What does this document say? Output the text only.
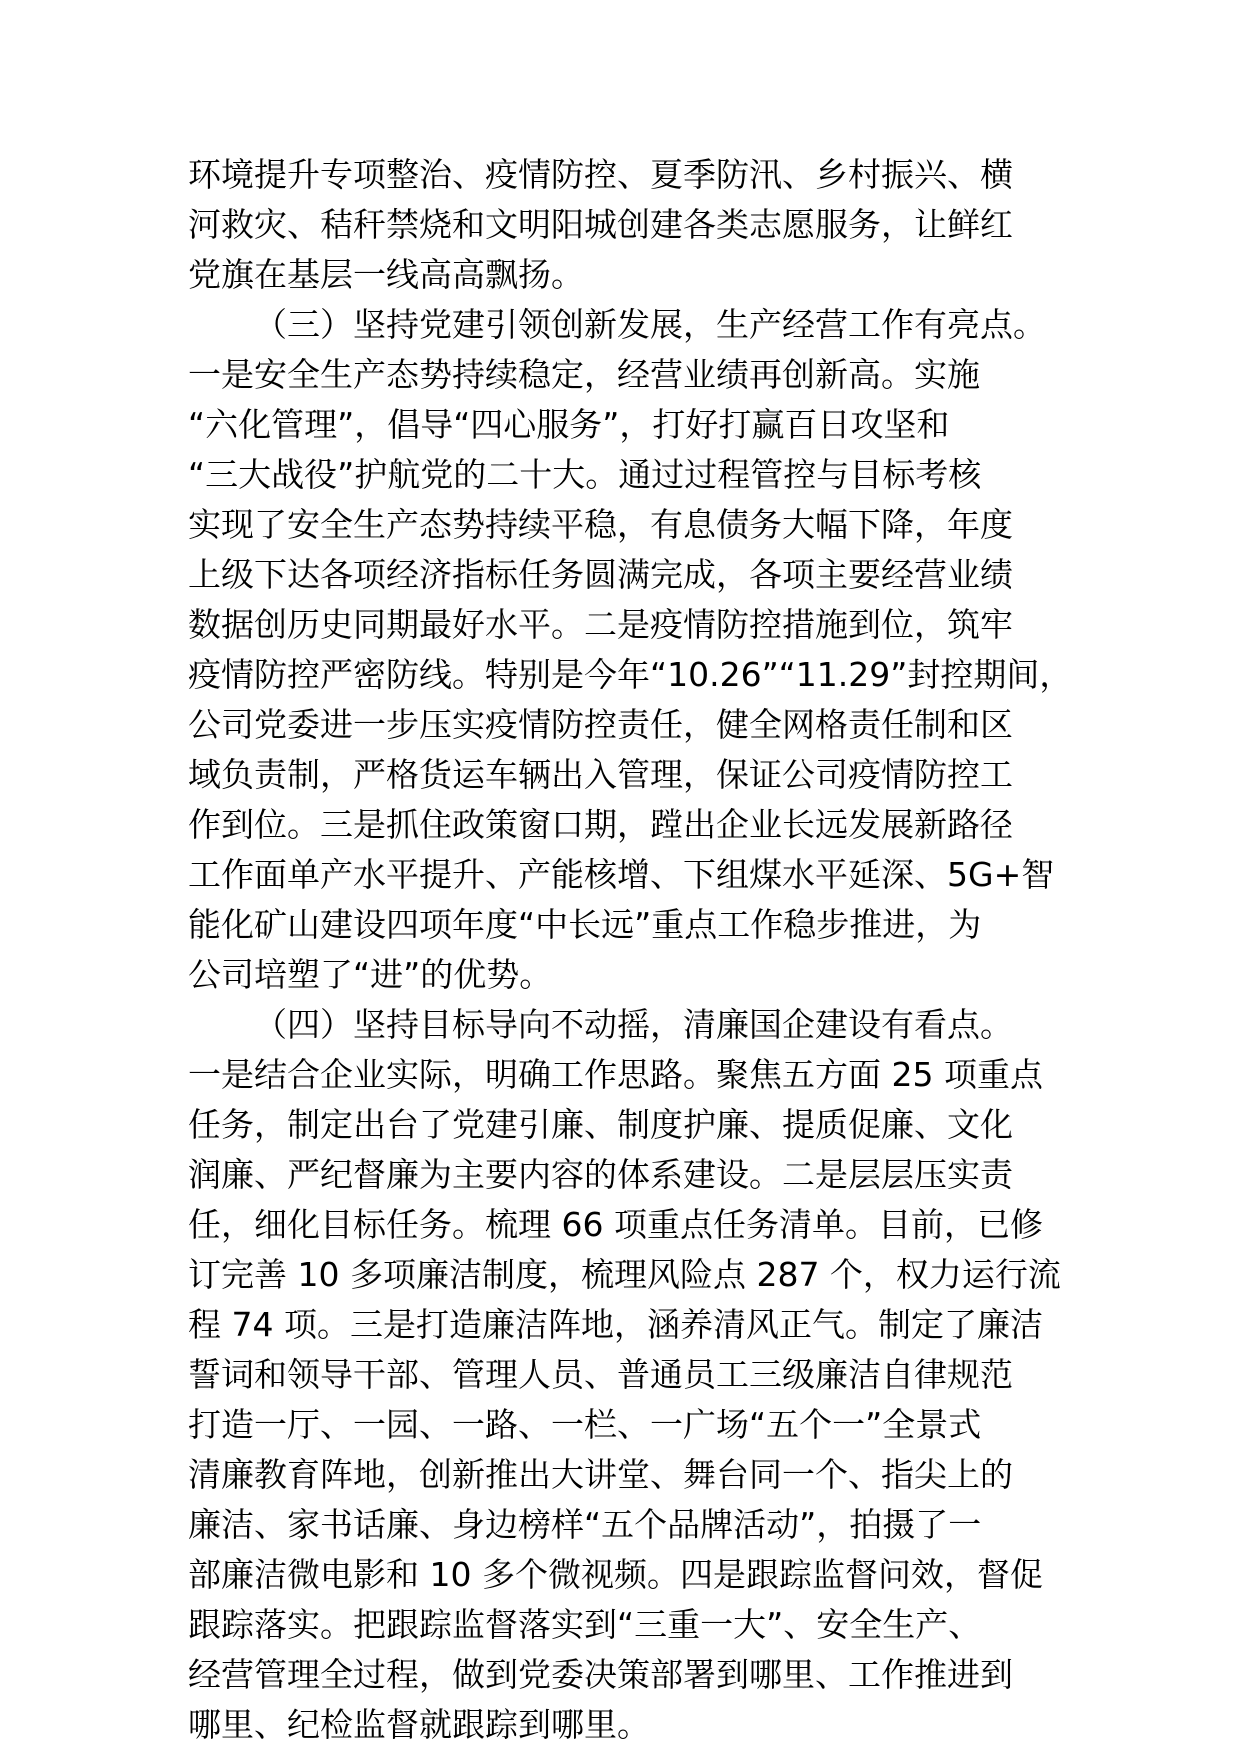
环境提升专项整治、疫情防控、夏季防汛、乡村振兴、横
河救灾、秸秆禁烧和文明阳城创建各类志愿服务，让鲜红
党旗在基层一线高高飘扬。
（三）坚持党建引领创新发展，生产经营工作有亮点。
一是安全生产态势持续稳定，经营业绩再创新高。实施
“六化管理”，倡导“四心服务”，打好打赢百日攻坚和
“三大战役”护航党的二十大。通过过程管控与目标考核
实现了安全生产态势持续平稳，有息债务大幅下降，年度
上级下达各项经济指标任务圆满完成，各项主要经营业绩
数据创历史同期最好水平。二是疫情防控措施到位，筑牢
疫情防控严密防线。特别是今年“10.26”“11.29”封控期间，
公司党委进一步压实疫情防控责任，健全网格责任制和区
域负责制，严格货运车辆出入管理，保证公司疫情防控工
作到位。三是抓住政策窗口期，蹚出企业长远发展新路径
工作面单产水平提升、产能核增、下组煤水平延深、5G+智
能化矿山建设四项年度“中长远”重点工作稳步推进，为
公司培塑了“进”的优势。
（四）坚持目标导向不动摇，清廉国企建设有看点。
一是结合企业实际，明确工作思路。聚焦五方面 25 项重点
任务，制定出台了党建引廉、制度护廉、提质促廉、文化
润廉、严纪督廉为主要内容的体系建设。二是层层压实责
任，细化目标任务。梳理 66 项重点任务清单。目前，已修
订完善 10 多项廉洁制度，梳理风险点 287 个，权力运行流
程 74 项。三是打造廉洁阵地，涵养清风正气。制定了廉洁
誓词和领导干部、管理人员、普通员工三级廉洁自律规范
打造一厅、一园、一路、一栏、一广场“五个一”全景式
清廉教育阵地，创新推出大讲堂、舞台同一个、指尖上的
廉洁、家书话廉、身边榜样“五个品牌活动”，拍摄了一
部廉洁微电影和 10 多个微视频。四是跟踪监督问效，督促
跟踪落实。把跟踪监督落实到“三重一大”、安全生产、
经营管理全过程，做到党委决策部署到哪里、工作推进到
哪里、纪检监督就跟踪到哪里。
